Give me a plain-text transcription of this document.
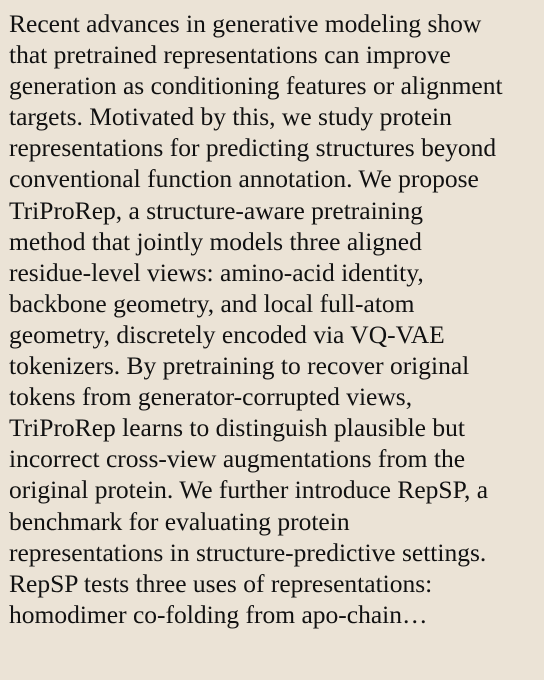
Recent advances in generative modeling show
that pretrained representations can improve
generation as conditioning features or alignment
targets. Motivated by this, we study protein
representations for predicting structures beyond
conventional function annotation. We propose
TriProRep, a structure-aware pretraining
method that jointly models three aligned
residue-level views: amino-acid identity,
backbone geometry, and local full-atom
geometry, discretely encoded via VQ-VAE
tokenizers. By pretraining to recover original
tokens from generator-corrupted views,
TriProRep learns to distinguish plausible but
incorrect cross-view augmentations from the
original protein. We further introduce RepSP, a
benchmark for evaluating protein
representations in structure-predictive settings.
RepSP tests three uses of representations:
homodimer co-folding from apo-chain…
